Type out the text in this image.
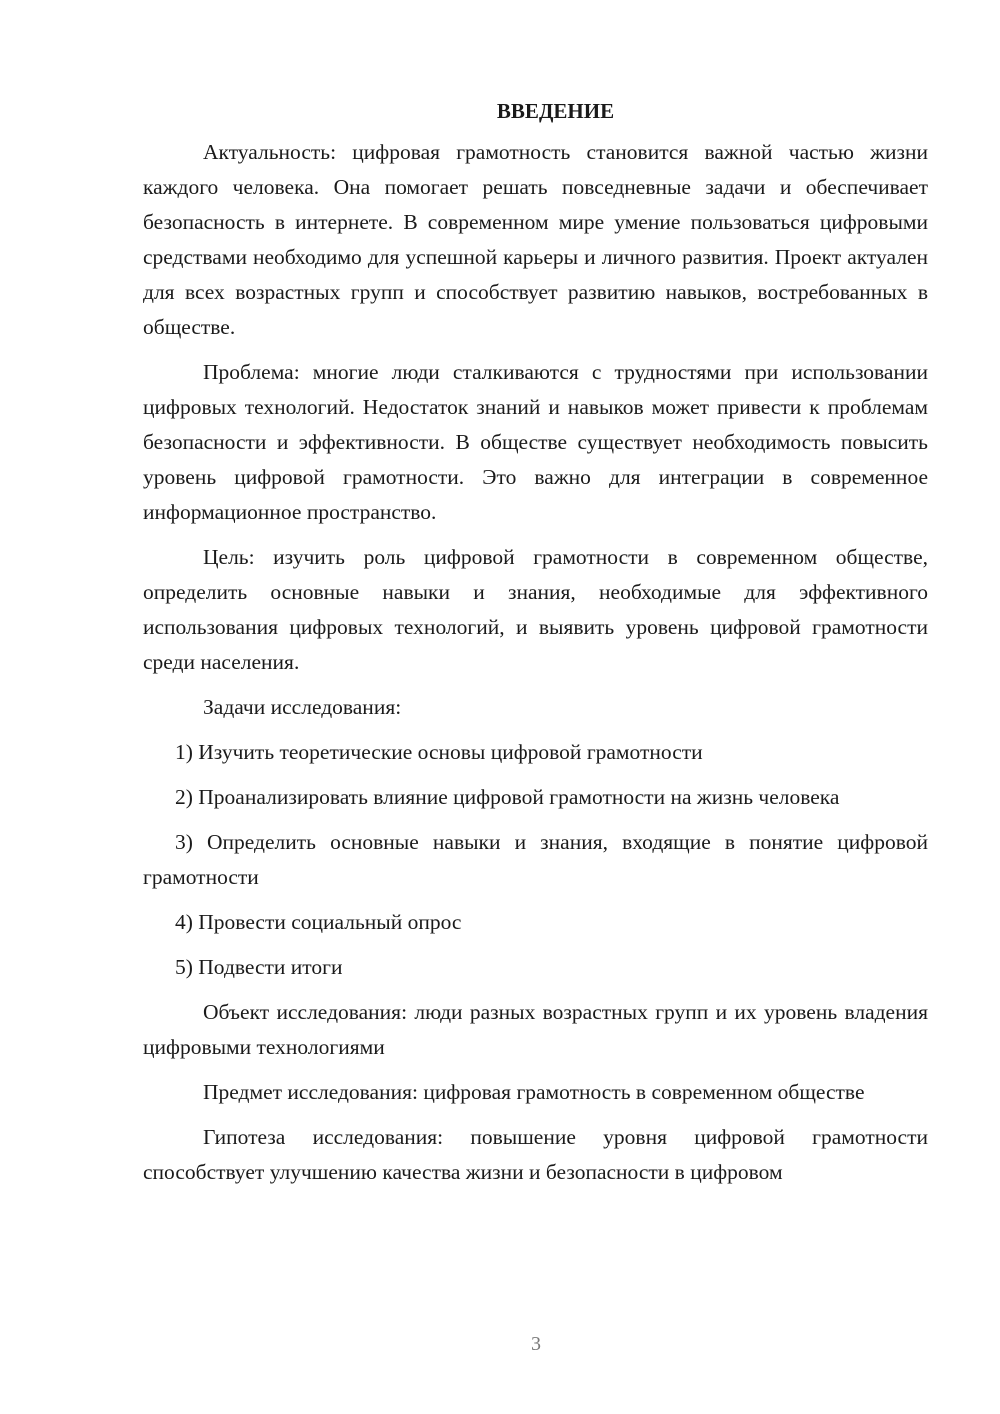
ВВЕДЕНИЕ

Актуальность: цифровая грамотность становится важной частью жизни каждого человека. Она помогает решать повседневные задачи и обеспечивает безопасность в интернете. В современном мире умение пользоваться цифровыми средствами необходимо для успешной карьеры и личного развития. Проект актуален для всех возрастных групп и способствует развитию навыков, востребованных в обществе.

Проблема: многие люди сталкиваются с трудностями при использовании цифровых технологий. Недостаток знаний и навыков может привести к проблемам безопасности и эффективности. В обществе существует необходимость повысить уровень цифровой грамотности. Это важно для интеграции в современное информационное пространство.

Цель: изучить роль цифровой грамотности в современном обществе, определить основные навыки и знания, необходимые для эффективного использования цифровых технологий, и выявить уровень цифровой грамотности среди населения.

Задачи исследования:

1) Изучить теоретические основы цифровой грамотности

2) Проанализировать влияние цифровой грамотности на жизнь человека

3) Определить основные навыки и знания, входящие в понятие цифровой грамотности

4) Провести социальный опрос

5) Подвести итоги

Объект исследования: люди разных возрастных групп и их уровень владения цифровыми технологиями

Предмет исследования: цифровая грамотность в современном обществе

Гипотеза исследования: повышение уровня цифровой грамотности способствует улучшению качества жизни и безопасности в цифровом

3
